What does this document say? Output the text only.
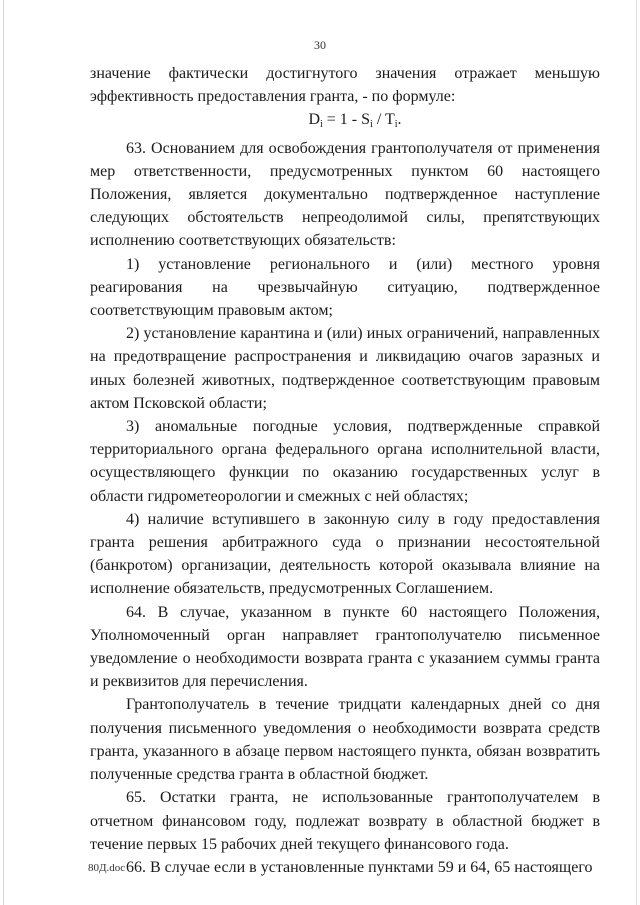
30

значение фактически достигнутого значения отражает меньшую эффективность предоставления гранта, - по формуле:

$D_i = 1 - S_i / T_i$.

63. Основанием для освобождения грантополучателя от применения мер ответственности, предусмотренных пунктом 60 настоящего Положения, является документально подтвержденное наступление следующих обстоятельств непреодолимой силы, препятствующих исполнению соответствующих обязательств:

1) установление регионального и (или) местного уровня реагирования на чрезвычайную ситуацию, подтвержденное соответствующим правовым актом;

2) установление карантина и (или) иных ограничений, направленных на предотвращение распространения и ликвидацию очагов заразных и иных болезней животных, подтвержденное соответствующим правовым актом Псковской области;

3) аномальные погодные условия, подтвержденные справкой территориального органа федерального органа исполнительной власти, осуществляющего функции по оказанию государственных услуг в области гидрометеорологии и смежных с ней областях;

4) наличие вступившего в законную силу в году предоставления гранта решения арбитражного суда о признании несостоятельной (банкротом) организации, деятельность которой оказывала влияние на исполнение обязательств, предусмотренных Соглашением.

64. В случае, указанном в пункте 60 настоящего Положения, Уполномоченный орган направляет грантополучателю письменное уведомление о необходимости возврата гранта с указанием суммы гранта и реквизитов для перечисления.

Грантополучатель в течение тридцати календарных дней со дня получения письменного уведомления о необходимости возврата средств гранта, указанного в абзаце первом настоящего пункта, обязан возвратить полученные средства гранта в областной бюджет.

65. Остатки гранта, не использованные грантополучателем в отчетном финансовом году, подлежат возврату в областной бюджет в течение первых 15 рабочих дней текущего финансового года.

66. В случае если в установленные пунктами 59 и 64, 65 настоящего

80Д.doc
